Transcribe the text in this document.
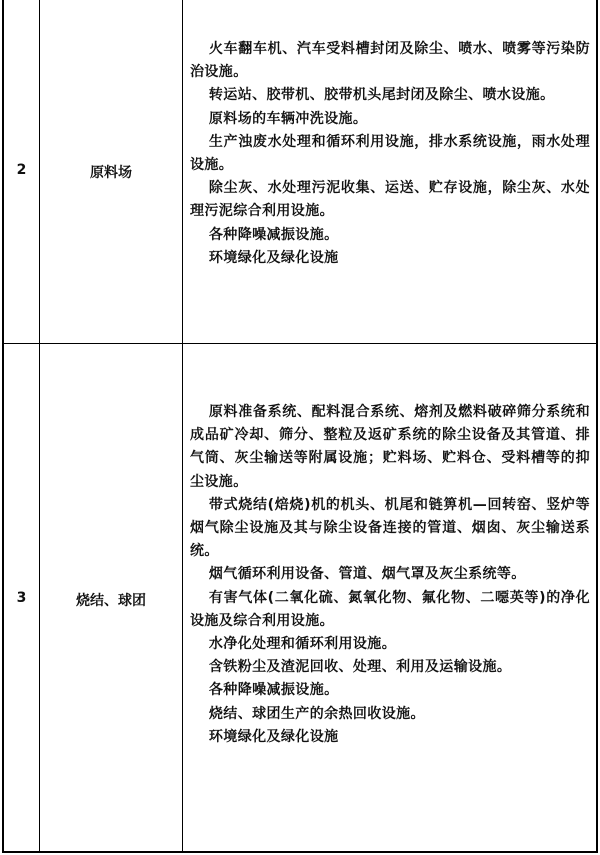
2	原料场

火车翻车机、汽车受料槽封闭及除尘、喷水、喷雾等污染防治设施。

转运站、胶带机、胶带机头尾封闭及除尘、喷水设施。

原料场的车辆冲洗设施。

生产浊废水处理和循环利用设施，排水系统设施，雨水处理设施。

除尘灰、水处理污泥收集、运送、贮存设施，除尘灰、水处理污泥综合利用设施。

各种降噪减振设施。

环境绿化及绿化设施

3	烧结、球团

原料准备系统、配料混合系统、熔剂及燃料破碎筛分系统和成品矿冷却、筛分、整粒及返矿系统的除尘设备及其管道、排气筒、灰尘输送等附属设施；贮料场、贮料仓、受料槽等的抑尘设施。

带式烧结(焙烧)机的机头、机尾和链箅机—回转窑、竖炉等烟气除尘设施及其与除尘设备连接的管道、烟囱、灰尘输送系统。

烟气循环利用设备、管道、烟气罩及灰尘系统等。

有害气体(二氧化硫、氮氧化物、氟化物、二噁英等)的净化设施及综合利用设施。

水净化处理和循环利用设施。

含铁粉尘及渣泥回收、处理、利用及运输设施。

各种降噪减振设施。

烧结、球团生产的余热回收设施。

环境绿化及绿化设施
